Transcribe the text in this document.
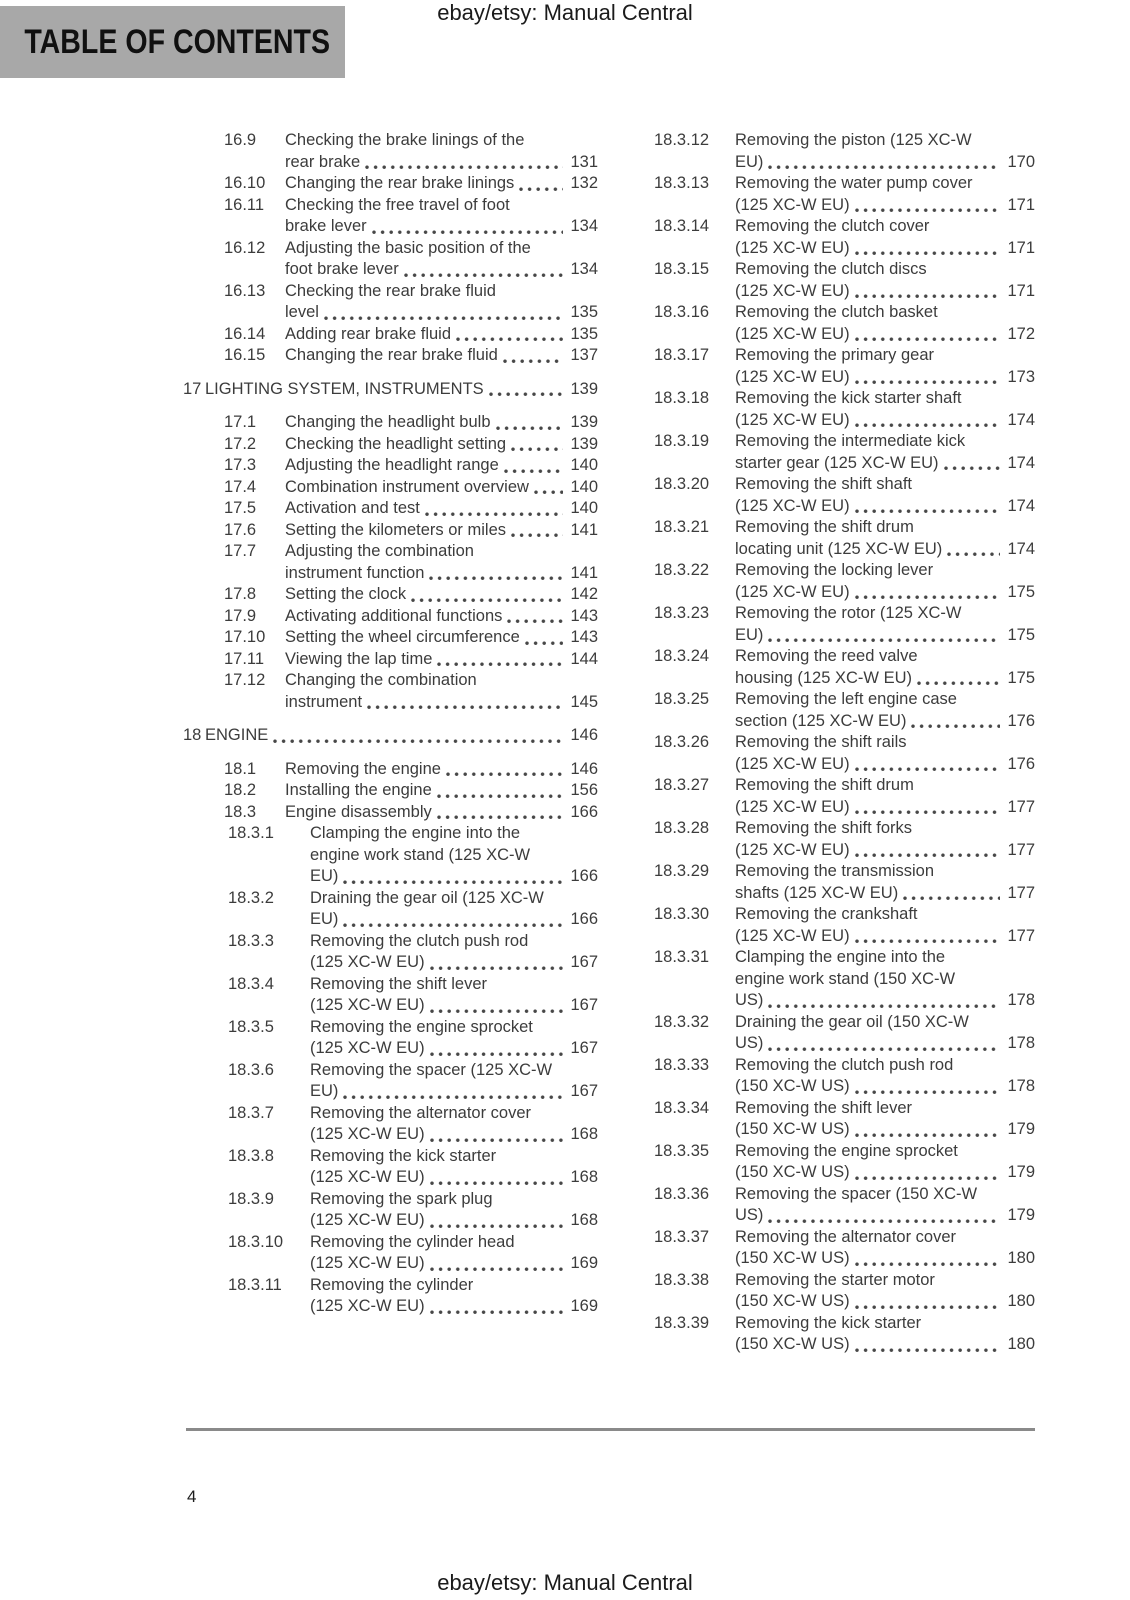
ebay/etsy: Manual Central
TABLE OF CONTENTS
16.9	Checking the brake linings of the
rear brake	131
16.10	Changing the rear brake linings	132
16.11	Checking the free travel of foot
brake lever	134
16.12	Adjusting the basic position of the
foot brake lever	134
16.13	Checking the rear brake fluid
level	135
16.14	Adding rear brake fluid	135
16.15	Changing the rear brake fluid	137
17 LIGHTING SYSTEM, INSTRUMENTS	139
17.1	Changing the headlight bulb	139
17.2	Checking the headlight setting	139
17.3	Adjusting the headlight range	140
17.4	Combination instrument overview	140
17.5	Activation and test	140
17.6	Setting the kilometers or miles	141
17.7	Adjusting the combination
instrument function	141
17.8	Setting the clock	142
17.9	Activating additional functions	143
17.10	Setting the wheel circumference	143
17.11	Viewing the lap time	144
17.12	Changing the combination
instrument	145
18 ENGINE	146
18.1	Removing the engine	146
18.2	Installing the engine	156
18.3	Engine disassembly	166
18.3.1	Clamping the engine into the
engine work stand (125 XC-W
EU)	166
18.3.2	Draining the gear oil (125 XC-W
EU)	166
18.3.3	Removing the clutch push rod
(125 XC-W EU)	167
18.3.4	Removing the shift lever
(125 XC-W EU)	167
18.3.5	Removing the engine sprocket
(125 XC-W EU)	167
18.3.6	Removing the spacer (125 XC-W
EU)	167
18.3.7	Removing the alternator cover
(125 XC-W EU)	168
18.3.8	Removing the kick starter
(125 XC-W EU)	168
18.3.9	Removing the spark plug
(125 XC-W EU)	168
18.3.10	Removing the cylinder head
(125 XC-W EU)	169
18.3.11	Removing the cylinder
(125 XC-W EU)	169
18.3.12	Removing the piston (125 XC-W
EU)	170
18.3.13	Removing the water pump cover
(125 XC-W EU)	171
18.3.14	Removing the clutch cover
(125 XC-W EU)	171
18.3.15	Removing the clutch discs
(125 XC-W EU)	171
18.3.16	Removing the clutch basket
(125 XC-W EU)	172
18.3.17	Removing the primary gear
(125 XC-W EU)	173
18.3.18	Removing the kick starter shaft
(125 XC-W EU)	174
18.3.19	Removing the intermediate kick
starter gear (125 XC-W EU)	174
18.3.20	Removing the shift shaft
(125 XC-W EU)	174
18.3.21	Removing the shift drum
locating unit (125 XC-W EU)	174
18.3.22	Removing the locking lever
(125 XC-W EU)	175
18.3.23	Removing the rotor (125 XC-W
EU)	175
18.3.24	Removing the reed valve
housing (125 XC-W EU)	175
18.3.25	Removing the left engine case
section (125 XC-W EU)	176
18.3.26	Removing the shift rails
(125 XC-W EU)	176
18.3.27	Removing the shift drum
(125 XC-W EU)	177
18.3.28	Removing the shift forks
(125 XC-W EU)	177
18.3.29	Removing the transmission
shafts (125 XC-W EU)	177
18.3.30	Removing the crankshaft
(125 XC-W EU)	177
18.3.31	Clamping the engine into the
engine work stand (150 XC-W
US)	178
18.3.32	Draining the gear oil (150 XC-W
US)	178
18.3.33	Removing the clutch push rod
(150 XC-W US)	178
18.3.34	Removing the shift lever
(150 XC-W US)	179
18.3.35	Removing the engine sprocket
(150 XC-W US)	179
18.3.36	Removing the spacer (150 XC-W
US)	179
18.3.37	Removing the alternator cover
(150 XC-W US)	180
18.3.38	Removing the starter motor
(150 XC-W US)	180
18.3.39	Removing the kick starter
(150 XC-W US)	180
4
ebay/etsy: Manual Central
